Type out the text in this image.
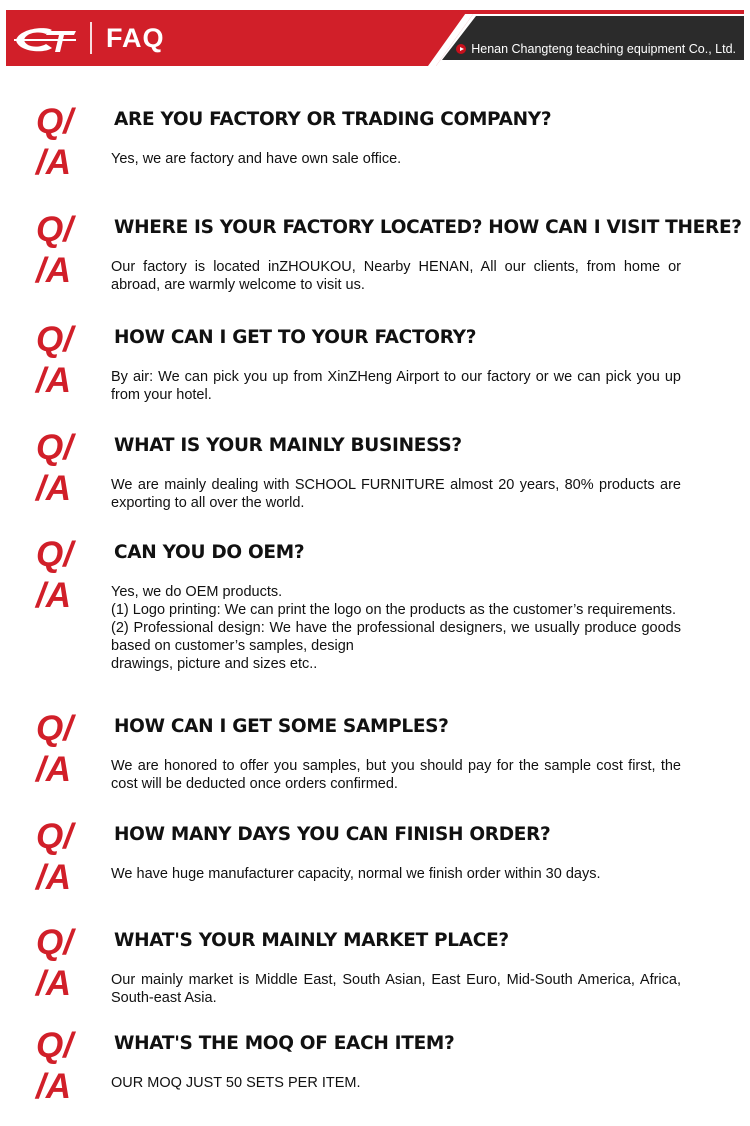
FAQ	Henan Changteng teaching equipment Co., Ltd.
Q/
/A
ARE YOU FACTORY OR TRADING COMPANY?
Yes, we are factory and have own sale office.
Q/
/A
WHERE IS YOUR FACTORY LOCATED? HOW CAN I VISIT THERE?
Our factory is located inZHOUKOU, Nearby HENAN, All our clients, from home or abroad, are warmly welcome to visit us.
Q/
/A
HOW CAN I GET TO YOUR FACTORY?
By air: We can pick you up from XinZHeng Airport to our factory or we can pick you up from your hotel.
Q/
/A
WHAT IS YOUR MAINLY BUSINESS?
We are mainly dealing with SCHOOL FURNITURE almost 20 years, 80% products are exporting to all over the world.
Q/
/A
CAN YOU DO OEM?
Yes, we do OEM products.
(1) Logo printing: We can print the logo on the products as the customer’s requirements.
(2) Professional design: We have the professional designers, we usually produce goods based on customer’s samples, design
drawings, picture and sizes etc..
Q/
/A
HOW CAN I GET SOME SAMPLES?
We are honored to offer you samples, but you should pay for the sample cost first, the cost will be deducted once orders confirmed.
Q/
/A
HOW MANY DAYS YOU CAN FINISH ORDER?
We have huge manufacturer capacity, normal we finish order within 30 days.
Q/
/A
WHAT'S YOUR MAINLY MARKET PLACE?
Our mainly market is Middle East, South Asian, East Euro, Mid-South America, Africa, South-east Asia.
Q/
/A
WHAT'S THE MOQ OF EACH ITEM?
OUR MOQ JUST 50 SETS PER ITEM.
